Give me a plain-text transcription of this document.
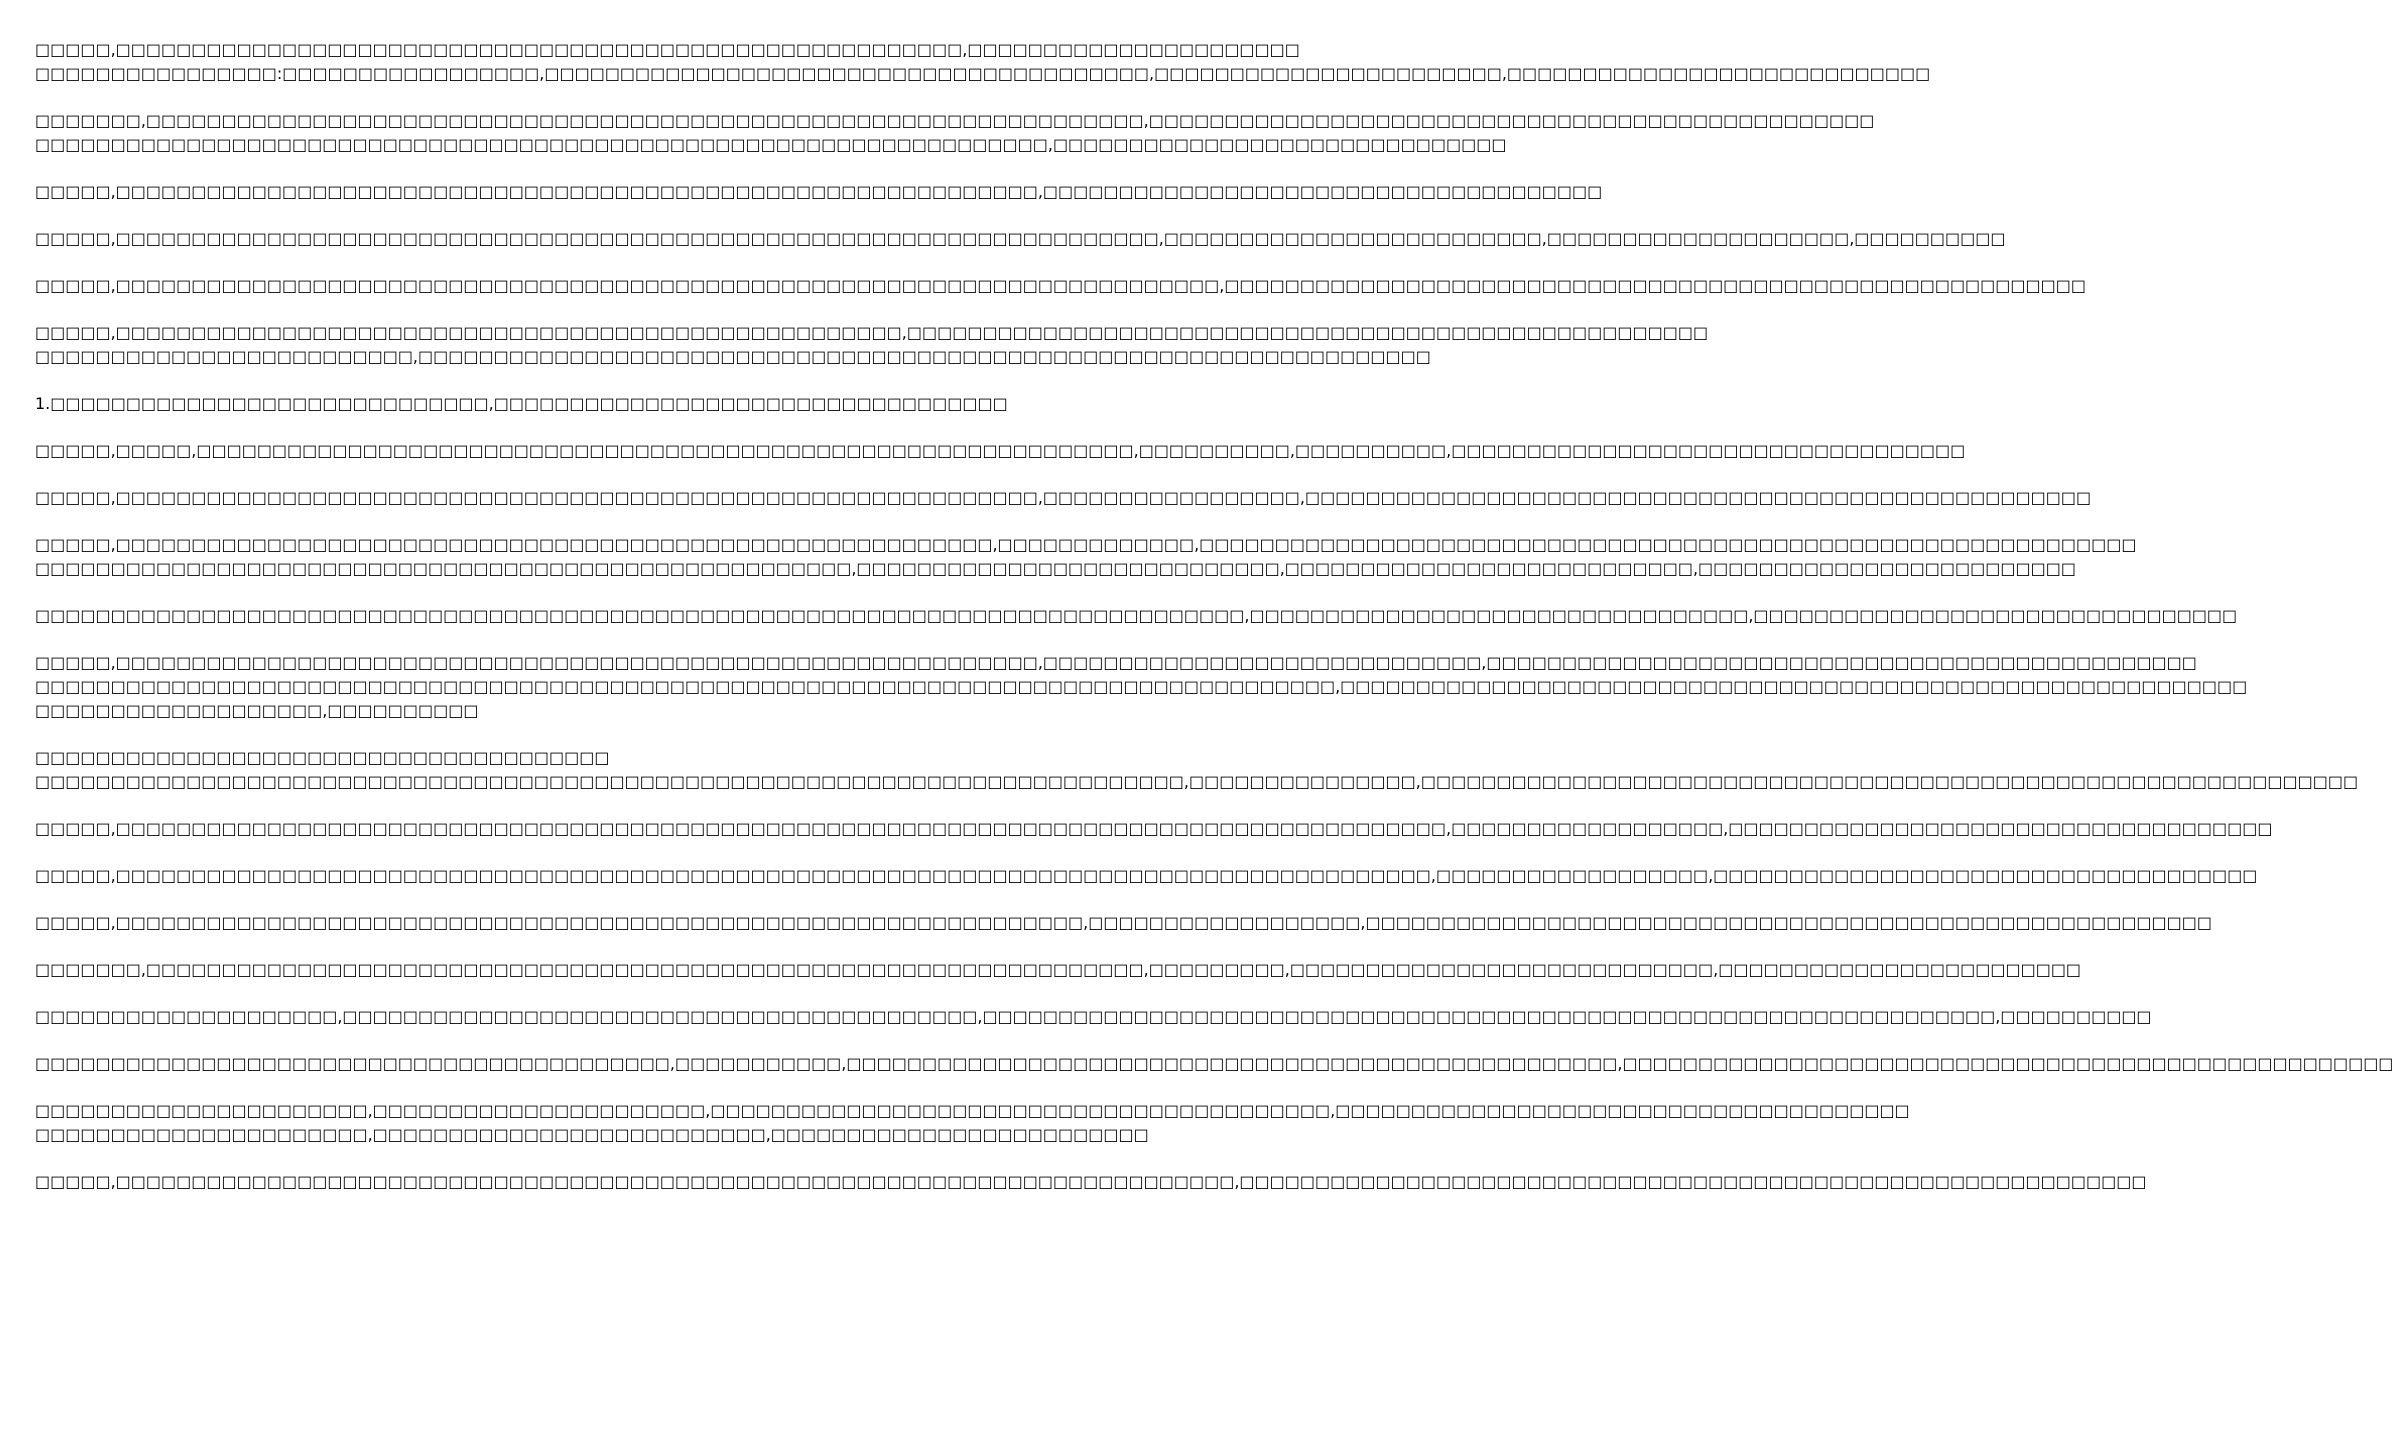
□□□□□,□□□□□□□□□□□□□□□□□□□□□□□□□□□□□□□□□□□□□□□□□□□□□□□□□□□□□□□□,□□□□□□□□□□□□□□□□□□□□□□
□□□□□□□□□□□□□□□□:□□□□□□□□□□□□□□□□□,□□□□□□□□□□□□□□□□□□□□□□□□□□□□□□□□□□□□□□□□,□□□□□□□□□□□□□□□□□□□□□□□,□□□□□□□□□□□□□□□□□□□□□□□□□□□□

□□□□□□□,□□□□□□□□□□□□□□□□□□□□□□□□□□□□□□□□□□□□□□□□□□□□□□□□□□□□□□□□□□□□□□□□□□,□□□□□□□□□□□□□□□□□□□□□□□□□□□□□□□□□□□□□□□□□□□□□□□□
□□□□□□□□□□□□□□□□□□□□□□□□□□□□□□□□□□□□□□□□□□□□□□□□□□□□□□□□□□□□□□□□□□□,□□□□□□□□□□□□□□□□□□□□□□□□□□□□□□

□□□□□,□□□□□□□□□□□□□□□□□□□□□□□□□□□□□□□□□□□□□□□□□□□□□□□□□□□□□□□□□□□□□,□□□□□□□□□□□□□□□□□□□□□□□□□□□□□□□□□□□□□

□□□□□,□□□□□□□□□□□□□□□□□□□□□□□□□□□□□□□□□□□□□□□□□□□□□□□□□□□□□□□□□□□□□□□□□□□□□,□□□□□□□□□□□□□□□□□□□□□□□□□,□□□□□□□□□□□□□□□□□□□□,□□□□□□□□□□

□□□□□,□□□□□□□□□□□□□□□□□□□□□□□□□□□□□□□□□□□□□□□□□□□□□□□□□□□□□□□□□□□□□□□□□□□□□□□□□,□□□□□□□□□□□□□□□□□□□□□□□□□□□□□□□□□□□□□□□□□□□□□□□□□□□□□□□□□

□□□□□,□□□□□□□□□□□□□□□□□□□□□□□□□□□□□□□□□□□□□□□□□□□□□□□□□□□□,□□□□□□□□□□□□□□□□□□□□□□□□□□□□□□□□□□□□□□□□□□□□□□□□□□□□□
□□□□□□□□□□□□□□□□□□□□□□□□□,□□□□□□□□□□□□□□□□□□□□□□□□□□□□□□□□□□□□□□□□□□□□□□□□□□□□□□□□□□□□□□□□□□□

1.□□□□□□□□□□□□□□□□□□□□□□□□□□□□□,□□□□□□□□□□□□□□□□□□□□□□□□□□□□□□□□□□

□□□□□,□□□□□,□□□□□□□□□□□□□□□□□□□□□□□□□□□□□□□□□□□□□□□□□□□□□□□□□□□□□□□□□□□□□□,□□□□□□□□□□,□□□□□□□□□□,□□□□□□□□□□□□□□□□□□□□□□□□□□□□□□□□□□

□□□□□,□□□□□□□□□□□□□□□□□□□□□□□□□□□□□□□□□□□□□□□□□□□□□□□□□□□□□□□□□□□□□,□□□□□□□□□□□□□□□□□,□□□□□□□□□□□□□□□□□□□□□□□□□□□□□□□□□□□□□□□□□□□□□□□□□□□□

□□□□□,□□□□□□□□□□□□□□□□□□□□□□□□□□□□□□□□□□□□□□□□□□□□□□□□□□□□□□□□□□,□□□□□□□□□□□□□,□□□□□□□□□□□□□□□□□□□□□□□□□□□□□□□□□□□□□□□□□□□□□□□□□□□□□□□□□□□□□□
□□□□□□□□□□□□□□□□□□□□□□□□□□□□□□□□□□□□□□□□□□□□□□□□□□□□□□,□□□□□□□□□□□□□□□□□□□□□□□□□□□□,□□□□□□□□□□□□□□□□□□□□□□□□□□□,□□□□□□□□□□□□□□□□□□□□□□□□□

□□□□□□□□□□□□□□□□□□□□□□□□□□□□□□□□□□□□□□□□□□□□□□□□□□□□□□□□□□□□□□□□□□□□□□□□□□□□□□□□,□□□□□□□□□□□□□□□□□□□□□□□□□□□□□□□□□,□□□□□□□□□□□□□□□□□□□□□□□□□□□□□□□□

□□□□□,□□□□□□□□□□□□□□□□□□□□□□□□□□□□□□□□□□□□□□□□□□□□□□□□□□□□□□□□□□□□□,□□□□□□□□□□□□□□□□□□□□□□□□□□□□□,□□□□□□□□□□□□□□□□□□□□□□□□□□□□□□□□□□□□□□□□□□□□□□□
□□□□□□□□□□□□□□□□□□□□□□□□□□□□□□□□□□□□□□□□□□□□□□□□□□□□□□□□□□□□□□□□□□□□□□□□□□□□□□□□□□□□□□,□□□□□□□□□□□□□□□□□□□□□□□□□□□□□□□□□□□□□□□□□□□□□□□□□□□□□□□□□□□□
□□□□□□□□□□□□□□□□□□□,□□□□□□□□□□

□□□□□□□□□□□□□□□□□□□□□□□□□□□□□□□□□□□□□□
□□□□□□□□□□□□□□□□□□□□□□□□□□□□□□□□□□□□□□□□□□□□□□□□□□□□□□□□□□□□□□□□□□□□□□□□□□□□,□□□□□□□□□□□□□□□,□□□□□□□□□□□□□□□□□□□□□□□□□□□□□□□□□□□□□□□□□□□□□□□□□□□□□□□□□□□□□□

□□□□□,□□□□□□□□□□□□□□□□□□□□□□□□□□□□□□□□□□□□□□□□□□□□□□□□□□□□□□□□□□□□□□□□□□□□□□□□□□□□□□□□□□□□□□□□,□□□□□□□□□□□□□□□□□□,□□□□□□□□□□□□□□□□□□□□□□□□□□□□□□□□□□□□

□□□□□,□□□□□□□□□□□□□□□□□□□□□□□□□□□□□□□□□□□□□□□□□□□□□□□□□□□□□□□□□□□□□□□□□□□□□□□□□□□□□□□□□□□□□□□,□□□□□□□□□□□□□□□□□□,□□□□□□□□□□□□□□□□□□□□□□□□□□□□□□□□□□□□

□□□□□,□□□□□□□□□□□□□□□□□□□□□□□□□□□□□□□□□□□□□□□□□□□□□□□□□□□□□□□□□□□□□□□□,□□□□□□□□□□□□□□□□□□,□□□□□□□□□□□□□□□□□□□□□□□□□□□□□□□□□□□□□□□□□□□□□□□□□□□□□□□□

□□□□□□□,□□□□□□□□□□□□□□□□□□□□□□□□□□□□□□□□□□□□□□□□□□□□□□□□□□□□□□□□□□□□□□□□□□,□□□□□□□□□,□□□□□□□□□□□□□□□□□□□□□□□□□□□□,□□□□□□□□□□□□□□□□□□□□□□□□

□□□□□□□□□□□□□□□□□□□□,□□□□□□□□□□□□□□□□□□□□□□□□□□□□□□□□□□□□□□□□□□,□□□□□□□□□□□□□□□□□□□□□□□□□□□□□□□□□□□□□□□□□□□□□□□□□□□□□□□□□□□□□□□□□□□,□□□□□□□□□□

□□□□□□□□□□□□□□□□□□□□□□□□□□□□□□□□□□□□□□□□□□,□□□□□□□□□□□,□□□□□□□□□□□□□□□□□□□□□□□□□□□□□□□□□□□□□□□□□□□□□□□□□□□,□□□□□□□□□□□□□□□□□□□□□□□□□□□□□□□□□□□□□□□□□□□□□□□□□□□

□□□□□□□□□□□□□□□□□□□□□□,□□□□□□□□□□□□□□□□□□□□□□,□□□□□□□□□□□□□□□□□□□□□□□□□□□□□□□□□□□□□□□□□,□□□□□□□□□□□□□□□□□□□□□□□□□□□□□□□□□□□□□□
□□□□□□□□□□□□□□□□□□□□□□,□□□□□□□□□□□□□□□□□□□□□□□□□□,□□□□□□□□□□□□□□□□□□□□□□□□□

□□□□□,□□□□□□□□□□□□□□□□□□□□□□□□□□□□□□□□□□□□□□□□□□□□□□□□□□□□□□□□□□□□□□□□□□□□□□□□□□,□□□□□□□□□□□□□□□□□□□□□□□□□□□□□□□□□□□□□□□□□□□□□□□□□□□□□□□□□□□□
